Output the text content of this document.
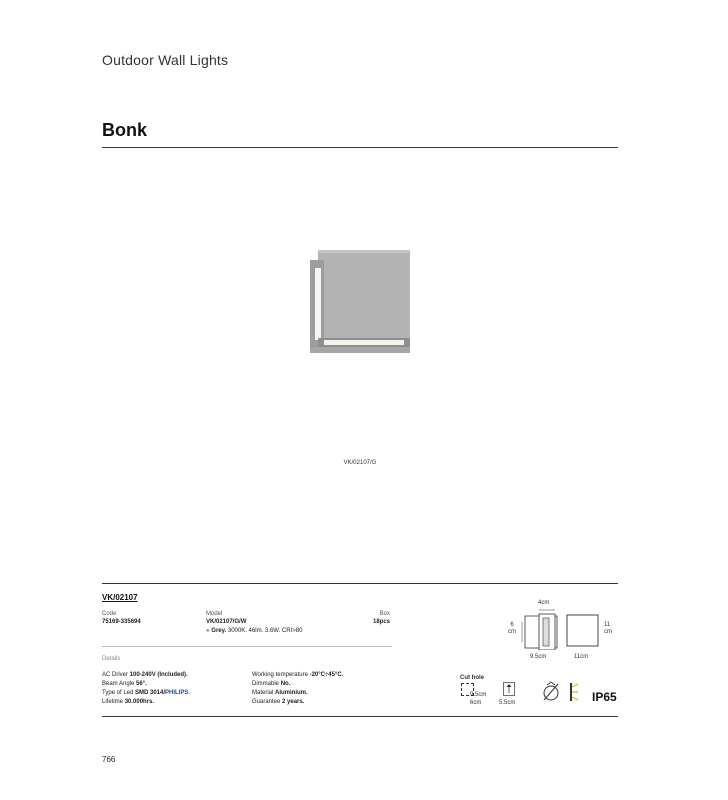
Outdoor Wall Lights
Bonk
VK/02107/G
VK/02107
Code
75169-335694
Model
VK/02107/G/W
● Grey. 3000K. 46lm. 3.6W. CRI>80
Box
18pcs
Details
AC Driver 100-240V (Included).
Beam Angle 56°.
Type of Led SMD 3014/PHILIPS.
Lifetime 30.000hrs.
Working temperature -20°C÷45°C.
Dimmable No.
Material Aluminium.
Guarantee 2 years.
4cm
6
cm
9.5cm
11
cm
11cm
Cut hole
9.5cm
6cm	5.5cm	IP65
766
